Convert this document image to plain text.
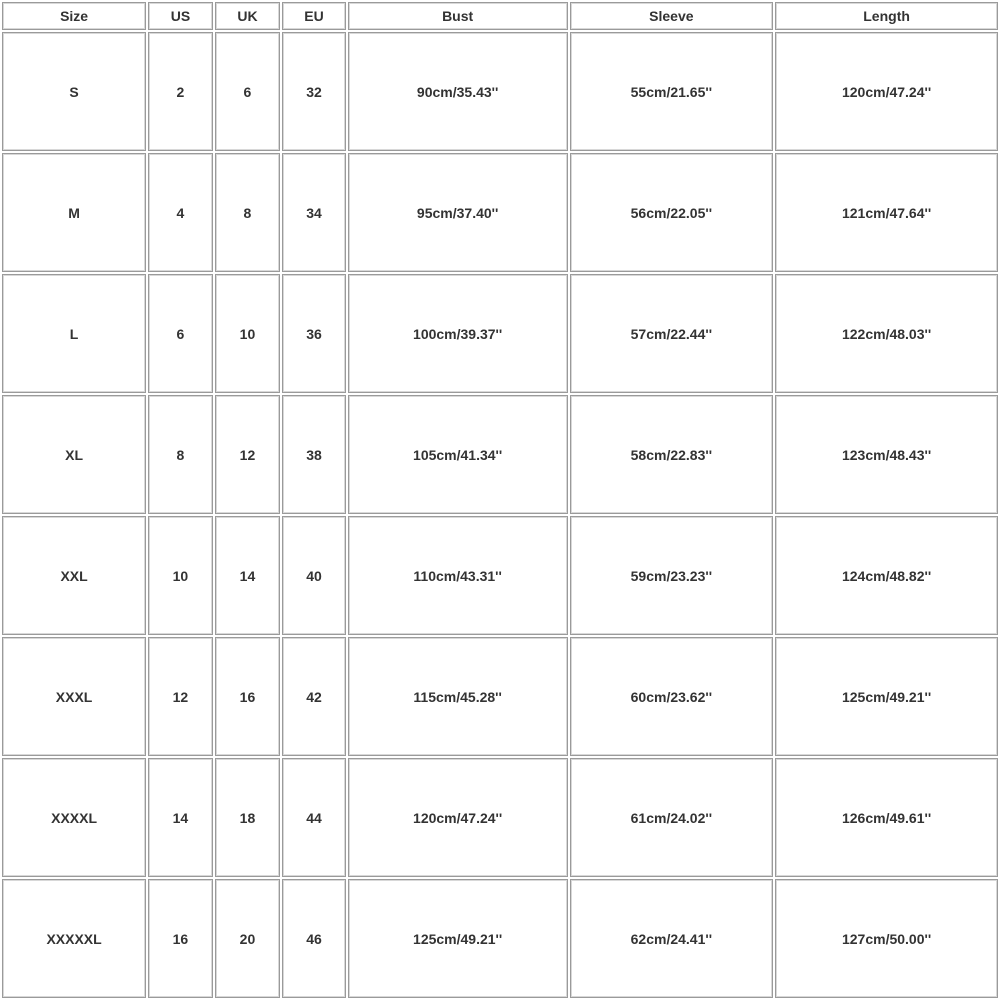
Size	US	UK	EU	Bust	Sleeve	Length
S	2	6	32	90cm/35.43''	55cm/21.65''	120cm/47.24''
M	4	8	34	95cm/37.40''	56cm/22.05''	121cm/47.64''
L	6	10	36	100cm/39.37''	57cm/22.44''	122cm/48.03''
XL	8	12	38	105cm/41.34''	58cm/22.83''	123cm/48.43''
XXL	10	14	40	110cm/43.31''	59cm/23.23''	124cm/48.82''
XXXL	12	16	42	115cm/45.28''	60cm/23.62''	125cm/49.21''
XXXXL	14	18	44	120cm/47.24''	61cm/24.02''	126cm/49.61''
XXXXXL	16	20	46	125cm/49.21''	62cm/24.41''	127cm/50.00''
